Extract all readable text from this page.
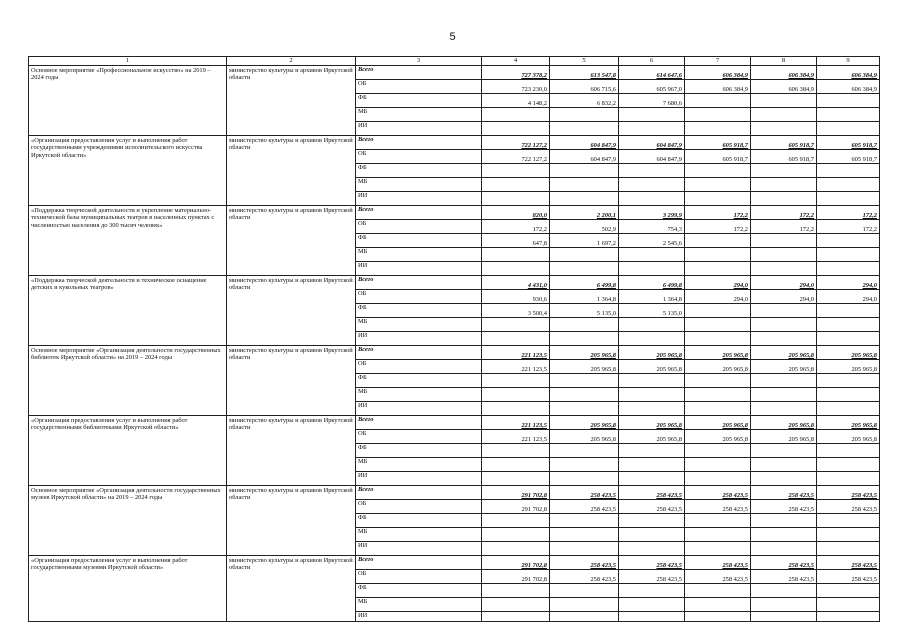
5
1	2	3	4	5	6	7	8	9
Основное мероприятие «Профессиональное искусство» на 2019 – 2024 годы	министерство культуры и архивов Иркутской области	Всего	727 378,2	613 547,8	614 647,6	606 384,9	606 384,9	606 384,9
		ОБ	723 230,0	606 715,6	605 967,0	606 384,9	606 384,9	606 384,9
		ФБ	4 148,2	6 832,2	7 680,6			
		МБ						
		ИИ						
«Организация предоставления услуг и выполнения работ государственными учреждениями исполнительского искусства Иркутской области»	министерство культуры и архивов Иркутской области	Всего	722 127,2	604 847,9	604 847,9	605 918,7	605 918,7	605 918,7
		ОБ	722 127,2	604 847,9	604 847,9	605 918,7	605 918,7	605 918,7
		ФБ						
		МБ						
		ИИ						
«Поддержка творческой деятельности и укрепление материально-технической базы муниципальных театров в населенных пунктах с численностью населения до 300 тысяч человек»	министерство культуры и архивов Иркутской области	Всего	820,0	2 200,1	3 299,9	172,2	172,2	172,2
		ОБ	172,2	502,9	754,3	172,2	172,2	172,2
		ФБ	647,8	1 697,2	2 545,6			
		МБ						
		ИИ						
«Поддержка творческой деятельности и техническое оснащение детских и кукольных театров»	министерство культуры и архивов Иркутской области	Всего	4 431,0	6 499,8	6 499,8	294,0	294,0	294,0
		ОБ	930,6	1 364,8	1 364,8	294,0	294,0	294,0
		ФБ	3 500,4	5 135,0	5 135,0			
		МБ						
		ИИ						
Основное мероприятие «Организация деятельности государственных библиотек Иркутской области» на 2019 – 2024 годы	министерство культуры и архивов Иркутской области	Всего	221 123,5	205 965,8	205 965,8	205 965,8	205 965,8	205 965,8
		ОБ	221 123,5	205 965,8	205 965,8	205 965,8	205 965,8	205 965,8
		ФБ						
		МБ						
		ИИ						
«Организация предоставления услуг и выполнения работ государственными библиотеками Иркутской области»	министерство культуры и архивов Иркутской области	Всего	221 123,5	205 965,8	205 965,8	205 965,8	205 965,8	205 965,8
		ОБ	221 123,5	205 965,8	205 965,8	205 965,8	205 965,8	205 965,8
		ФБ						
		МБ						
		ИИ						
Основное мероприятие «Организация деятельности государственных музеев Иркутской области» на 2019 – 2024 годы	министерство культуры и архивов Иркутской области	Всего	291 702,8	258 423,5	258 423,5	258 423,5	258 423,5	258 423,5
		ОБ	291 702,8	258 423,5	258 423,5	258 423,5	258 423,5	258 423,5
		ФБ						
		МБ						
		ИИ						
«Организация предоставления услуг и выполнения работ государственными музеями Иркутской области»	министерство культуры и архивов Иркутской области	Всего	291 702,8	258 423,5	258 423,5	258 423,5	258 423,5	258 423,5
		ОБ	291 702,8	258 423,5	258 423,5	258 423,5	258 423,5	258 423,5
		ФБ						
		МБ						
		ИИ						
